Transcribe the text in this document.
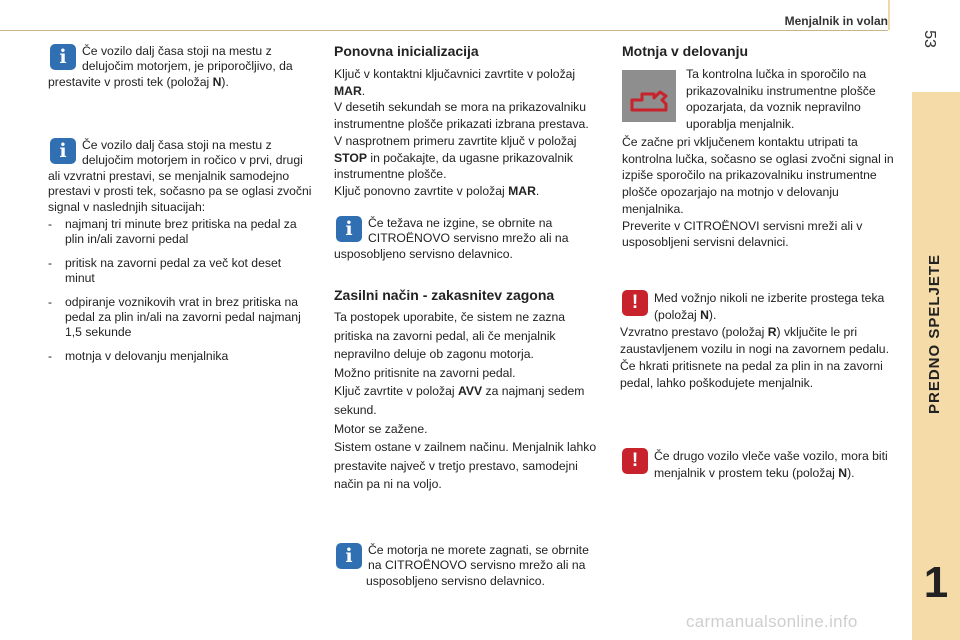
Menjalnik in volan
53
PREDNO SPELJETE
1
i
Če vozilo dalj časa stoji na mestu z delujočim motorjem, je priporočljivo, da prestavite v prosti tek (položaj N).
i
Če vozilo dalj časa stoji na mestu z delujočim motorjem in ročico v prvi, drugi ali vzvratni prestavi, se menjalnik samodejno prestavi v prosti tek, sočasno pa se oglasi zvočni signal v naslednjih situacijah:
- najmanj tri minute brez pritiska na pedal za plin in/ali zavorni pedal
- pritisk na zavorni pedal za več kot deset minut
- odpiranje voznikovih vrat in brez pritiska na pedal za plin in/ali na zavorni pedal najmanj 1,5 sekunde
- motnja v delovanju menjalnika
Ponovna inicializacija

Ključ v kontaktni ključavnici zavrtite v položaj MAR.

V desetih sekundah se mora na prikazovalniku instrumentne plošče prikazati izbrana prestava.

V nasprotnem primeru zavrtite ključ v položaj STOP in počakajte, da ugasne prikazovalnik instrumentne plošče.

Ključ ponovno zavrtite v položaj MAR.

i
Če težava ne izgine, se obrnite na CITROËNOVO servisno mrežo ali na usposobljeno servisno delavnico.
Zasilni način - zakasnitev zagona

Ta postopek uporabite, če sistem ne zazna pritiska na zavorni pedal, ali če menjalnik nepravilno deluje ob zagonu motorja.

Možno pritisnite na zavorni pedal.

Ključ zavrtite v položaj AVV za najmanj sedem sekund.

Motor se zažene.

Sistem ostane v zailnem načinu. Menjalnik lahko prestavite največ v tretjo prestavo, samodejni način pa ni na voljo.

i
Če motorja ne morete zagnati, se obrnite na CITROËNOVO servisno mrežo ali na usposobljeno servisno delavnico.
Motnja v delovanju
Ta kontrolna lučka in sporočilo na prikazovalniku instrumentne plošče opozarjata, da voznik nepravilno uporablja menjalnik.

Če začne pri vključenem kontaktu utripati ta kontrolna lučka, sočasno se oglasi zvočni signal in izpiše sporočilo na prikazovalniku instrumentne plošče opozarjajo na motnjo v delovanju menjalnika.

Preverite v CITROËNOVI servisni mreži ali v usposobljeni servisni delavnici.

!
Med vožnjo nikoli ne izberite prostega teka (položaj N).
Vzvratno prestavo (položaj R) vključite le pri zaustavljenem vozilu in nogi na zavornem pedalu.
Če hkrati pritisnete na pedal za plin in na zavorni pedal, lahko poškodujete menjalnik.
!
Če drugo vozilo vleče vaše vozilo, mora biti menjalnik v prostem teku (položaj N).
carmanualsonline.info
